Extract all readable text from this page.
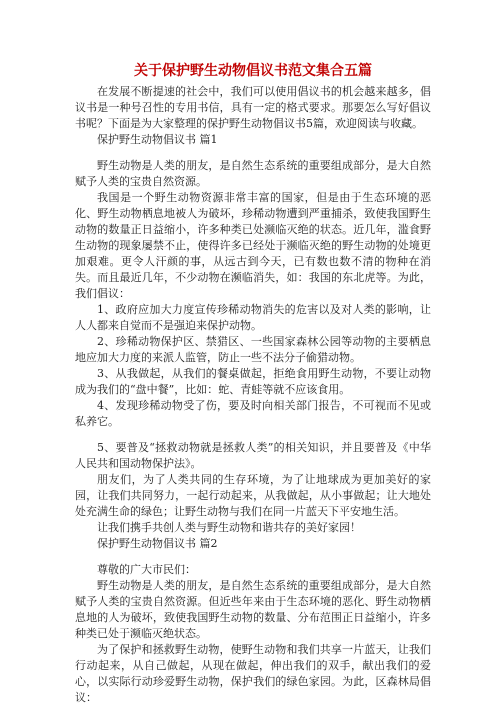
关于保护野生动物倡议书范文集合五篇

在发展不断提速的社会中，我们可以使用倡议书的机会越来越多，倡议书是一种号召性的专用书信，具有一定的格式要求。那要怎么写好倡议书呢？下面是为大家整理的保护野生动物倡议书5篇，欢迎阅读与收藏。

保护野生动物倡议书 篇1

野生动物是人类的朋友，是自然生态系统的重要组成部分，是大自然赋予人类的宝贵自然资源。

我国是一个野生动物资源非常丰富的国家，但是由于生态环境的恶化、野生动物栖息地被人为破坏，珍稀动物遭到严重捕杀，致使我国野生动物的数量正日益缩小，许多种类已处濒临灭绝的状态。近几年，滥食野生动物的现象屡禁不止，使得许多已经处于濒临灭绝的野生动物的处境更加艰难。更令人汗颜的事，从远古到今天，已有数也数不清的物种在消失。而且最近几年，不少动物在濒临消失，如：我国的东北虎等。为此，我们倡议：

1、政府应加大力度宣传珍稀动物消失的危害以及对人类的影响，让人人都来自觉而不是强迫来保护动物。

2、珍稀动物保护区、禁猎区、一些国家森林公园等动物的主要栖息地应加大力度的来派人监管，防止一些不法分子偷猎动物。

3、从我做起，从我们的餐桌做起，拒绝食用野生动物，不要让动物成为我们的“盘中餐”，比如：蛇、青蛙等就不应该食用。

4、发现珍稀动物受了伤，要及时向相关部门报告，不可视而不见或私养它。

5、要普及“拯救动物就是拯救人类”的相关知识，并且要普及《中华人民共和国动物保护法》。

朋友们，为了人类共同的生存环境，为了让地球成为更加美好的家园，让我们共同努力，一起行动起来，从我做起，从小事做起；让大地处处充满生命的绿色；让野生动物与我们在同一片蓝天下平安地生活。

让我们携手共创人类与野生动物和谐共存的美好家园！

保护野生动物倡议书 篇2

尊敬的广大市民们：

野生动物是人类的朋友，是自然生态系统的重要组成部分，是大自然赋予人类的宝贵自然资源。但近些年来由于生态环境的恶化、野生动物栖息地的人为破坏，致使我国野生动物的数量、分布范围正日益缩小，许多种类已处于濒临灭绝状态。

为了保护和拯救野生动物，使野生动物和我们共享一片蓝天，让我们行动起来，从自己做起，从现在做起，伸出我们的双手，献出我们的爱心，以实际行动珍爱野生动物，保护我们的绿色家园。为此，区森林局倡议：
